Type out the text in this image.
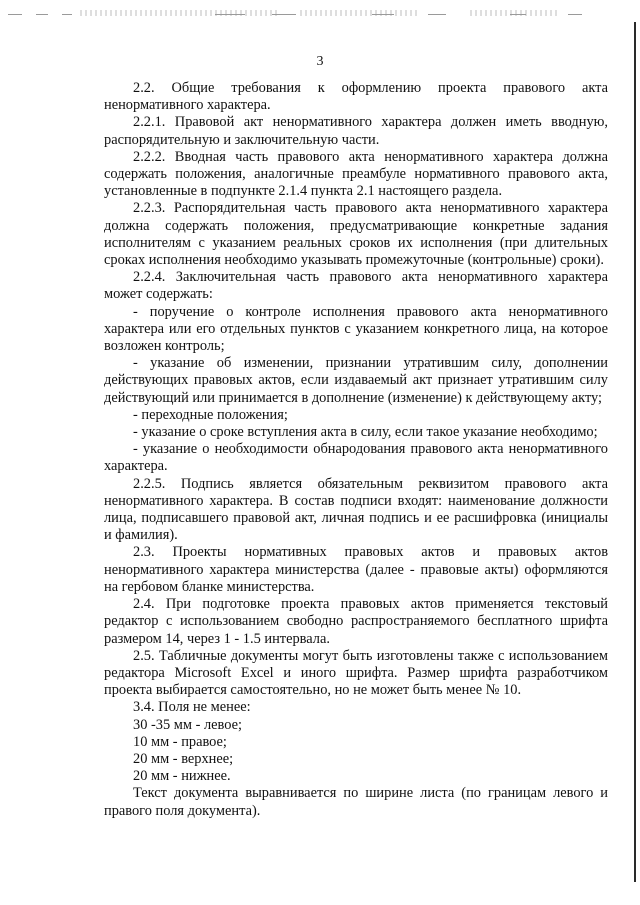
3

2.2. Общие требования к оформлению проекта правового акта ненормативного характера.

2.2.1. Правовой акт ненормативного характера должен иметь вводную, распорядительную и заключительную части.

2.2.2. Вводная часть правового акта ненормативного характера должна содержать положения, аналогичные преамбуле нормативного правового акта, установленные в подпункте 2.1.4 пункта 2.1 настоящего раздела.

2.2.3. Распорядительная часть правового акта ненормативного характера должна содержать положения, предусматривающие конкретные задания исполнителям с указанием реальных сроков их исполнения (при длительных сроках исполнения необходимо указывать промежуточные (контрольные) сроки).

2.2.4. Заключительная часть правового акта ненормативного характера может содержать:

- поручение о контроле исполнения правового акта ненормативного характера или его отдельных пунктов с указанием конкретного лица, на которое возложен контроль;

- указание об изменении, признании утратившим силу, дополнении действующих правовых актов, если издаваемый акт признает утратившим силу действующий или принимается в дополнение (изменение) к действующему акту;

- переходные положения;

- указание о сроке вступления акта в силу, если такое указание необходимо;

- указание о необходимости обнародования правового акта ненормативного характера.

2.2.5. Подпись является обязательным реквизитом правового акта ненормативного характера. В состав подписи входят: наименование должности лица, подписавшего правовой акт, личная подпись и ее расшифровка (инициалы и фамилия).

2.3. Проекты нормативных правовых актов и правовых актов ненормативного характера министерства (далее - правовые акты) оформляются на гербовом бланке министерства.

2.4. При подготовке проекта правовых актов применяется текстовый редактор с использованием свободно распространяемого бесплатного шрифта размером 14, через 1 - 1.5 интервала.

2.5. Табличные документы могут быть изготовлены также с использованием редактора Microsoft Excel и иного шрифта. Размер шрифта разработчиком проекта выбирается самостоятельно, но не может быть менее № 10.

3.4. Поля не менее:

30 -35 мм - левое;

10 мм - правое;

20 мм - верхнее;

20 мм - нижнее.

Текст документа выравнивается по ширине листа (по границам левого и правого поля документа).
